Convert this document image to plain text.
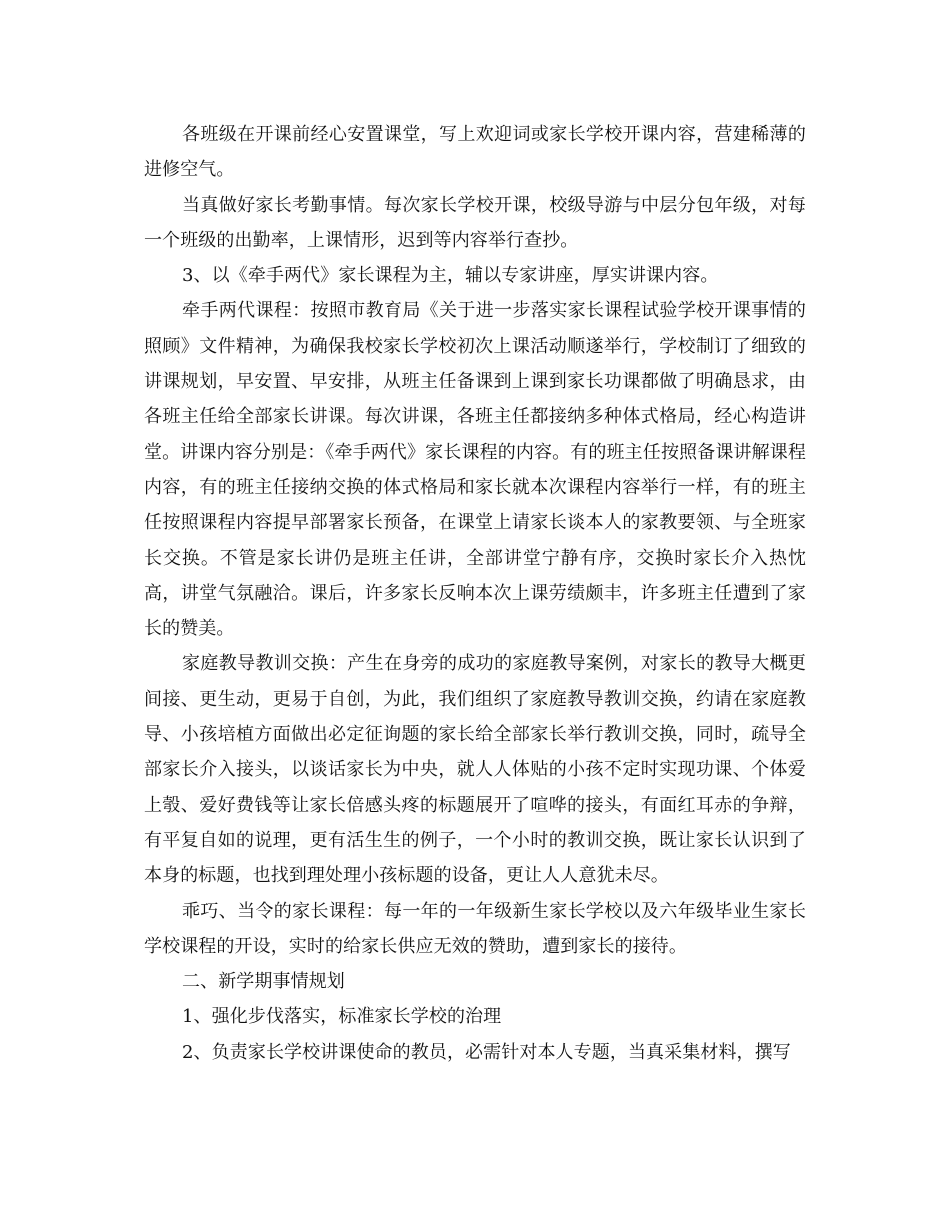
各班级在开课前经心安置课堂，写上欢迎词或家长学校开课内容，营建稀薄的进修空气。

当真做好家长考勤事情。每次家长学校开课，校级导游与中层分包年级，对每一个班级的出勤率，上课情形，迟到等内容举行查抄。

3、以《牵手两代》家长课程为主，辅以专家讲座，厚实讲课内容。

牵手两代课程：按照市教育局《关于进一步落实家长课程试验学校开课事情的照顾》文件精神，为确保我校家长学校初次上课活动顺遂举行，学校制订了细致的讲课规划，早安置、早安排，从班主任备课到上课到家长功课都做了明确恳求，由各班主任给全部家长讲课。每次讲课，各班主任都接纳多种体式格局，经心构造讲堂。讲课内容分别是：《牵手两代》家长课程的内容。有的班主任按照备课讲解课程内容，有的班主任接纳交换的体式格局和家长就本次课程内容举行一样，有的班主任按照课程内容提早部署家长预备，在课堂上请家长谈本人的家教要领、与全班家长交换。不管是家长讲仍是班主任讲，全部讲堂宁静有序，交换时家长介入热忱高，讲堂气氛融洽。课后，许多家长反响本次上课劳绩颇丰，许多班主任遭到了家长的赞美。

家庭教导教训交换：产生在身旁的成功的家庭教导案例，对家长的教导大概更间接、更生动，更易于自创，为此，我们组织了家庭教导教训交换，约请在家庭教导、小孩培植方面做出必定征询题的家长给全部家长举行教训交换，同时，疏导全部家长介入接头，以谈话家长为中央，就人人体贴的小孩不定时实现功课、个体爱上彀、爱好费钱等让家长倍感头疼的标题展开了喧哗的接头，有面红耳赤的争辩，有平复自如的说理，更有活生生的例子，一个小时的教训交换，既让家长认识到了本身的标题，也找到理处理小孩标题的设备，更让人人意犹未尽。

乖巧、当令的家长课程：每一年的一年级新生家长学校以及六年级毕业生家长学校课程的开设，实时的给家长供应无效的赞助，遭到家长的接待。

二、新学期事情规划

1、强化步伐落实，标准家长学校的治理

2、负责家长学校讲课使命的教员，必需针对本人专题，当真采集材料，撰写
